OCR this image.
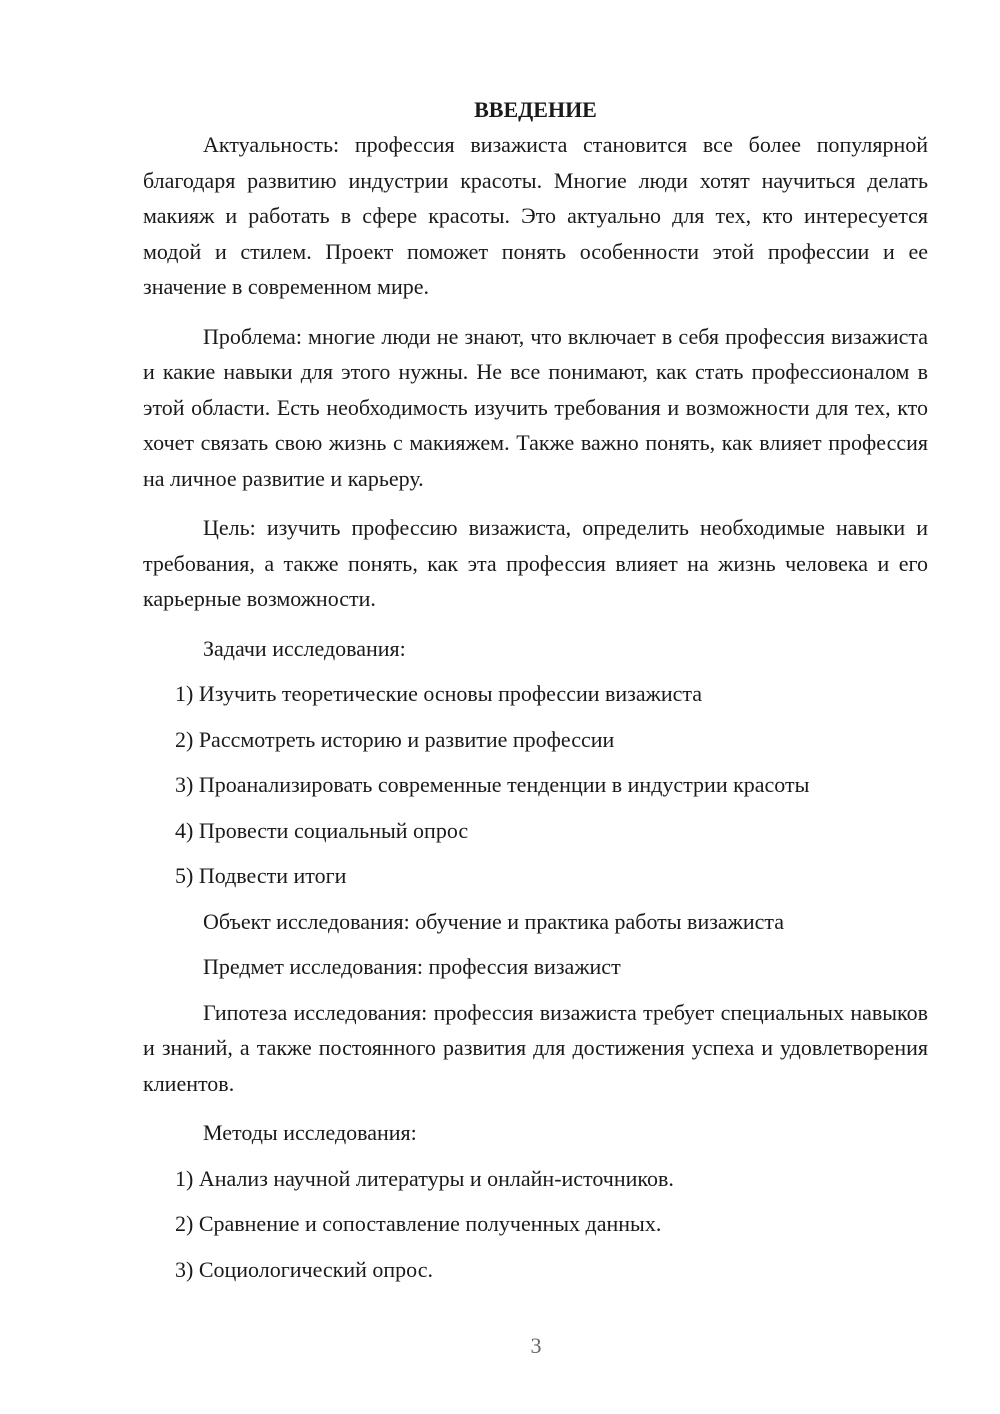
ВВЕДЕНИЕ

Актуальность: профессия визажиста становится все более популярной благодаря развитию индустрии красоты. Многие люди хотят научиться делать макияж и работать в сфере красоты. Это актуально для тех, кто интересуется модой и стилем. Проект поможет понять особенности этой профессии и ее значение в современном мире.

Проблема: многие люди не знают, что включает в себя профессия визажиста и какие навыки для этого нужны. Не все понимают, как стать профессионалом в этой области. Есть необходимость изучить требования и возможности для тех, кто хочет связать свою жизнь с макияжем. Также важно понять, как влияет профессия на личное развитие и карьеру.

Цель: изучить профессию визажиста, определить необходимые навыки и требования, а также понять, как эта профессия влияет на жизнь человека и его карьерные возможности.

Задачи исследования:
1) Изучить теоретические основы профессии визажиста
2) Рассмотреть историю и развитие профессии
3) Проанализировать современные тенденции в индустрии красоты
4) Провести социальный опрос
5) Подвести итоги
Объект исследования: обучение и практика работы визажиста
Предмет исследования: профессия визажист

Гипотеза исследования: профессия визажиста требует специальных навыков и знаний, а также постоянного развития для достижения успеха и удовлетворения клиентов.

Методы исследования:
1) Анализ научной литературы и онлайн-источников.
2) Сравнение и сопоставление полученных данных.
3) Социологический опрос.
3
